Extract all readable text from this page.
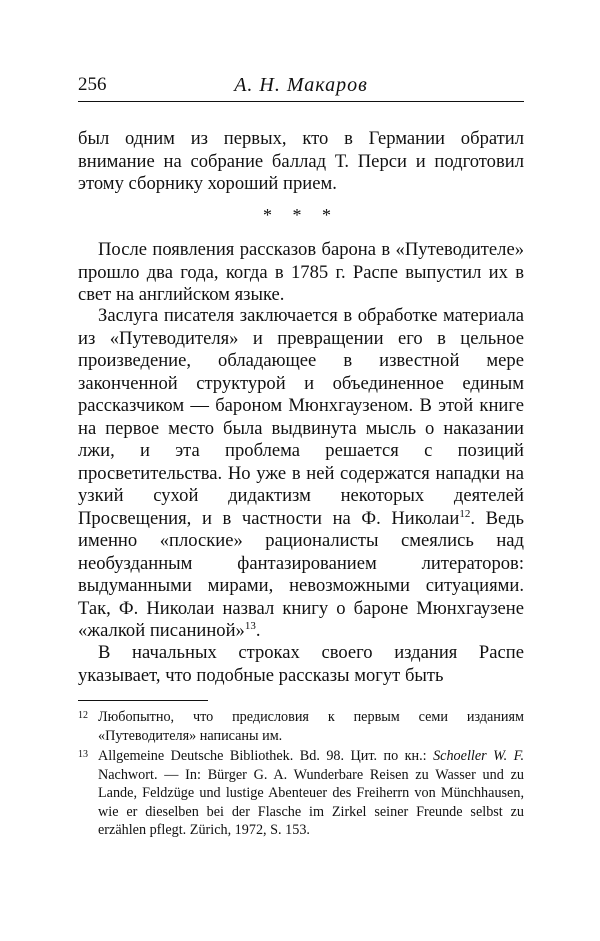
256	А. Н. Макаров

был одним из первых, кто в Германии обратил внимание на собрание баллад Т. Перси и подготовил этому сборнику хороший прием.

* * *

После появления рассказов барона в «Путеводителе» прошло два года, когда в 1785 г. Распе выпустил их в свет на английском языке.

Заслуга писателя заключается в обработке материала из «Путеводителя» и превращении его в цельное произведение, обладающее в известной мере законченной структурой и объединенное единым рассказчиком — бароном Мюнхгаузеном. В этой книге на первое место была выдвинута мысль о наказании лжи, и эта проблема решается с позиций просветительства. Но уже в ней содержатся нападки на узкий сухой дидактизм некоторых деятелей Просвещения, и в частности на Ф. Николаи$^{12}$. Ведь именно «плоские» рационалисты смеялись над необузданным фантазированием литераторов: выдуманными мирами, невозможными ситуациями. Так, Ф. Николаи назвал книгу о бароне Мюнхгаузене «жалкой писаниной»$^{13}$.

В начальных строках своего издания Распе указывает, что подобные рассказы могут быть

12 Любопытно, что предисловия к первым семи изданиям «Путеводителя» написаны им.
13 Allgemeine Deutsche Bibliothek. Bd. 98. Цит. по кн.: Schoeller W. F. Nachwort. — In: Bürger G. A. Wunderbare Reisen zu Wasser und zu Lande, Feldzüge und lustige Abenteuer des Freiherrn von Münchhausen, wie er dieselben bei der Flasche im Zirkel seiner Freunde selbst zu erzählen pflegt. Zürich, 1972, S. 153.
